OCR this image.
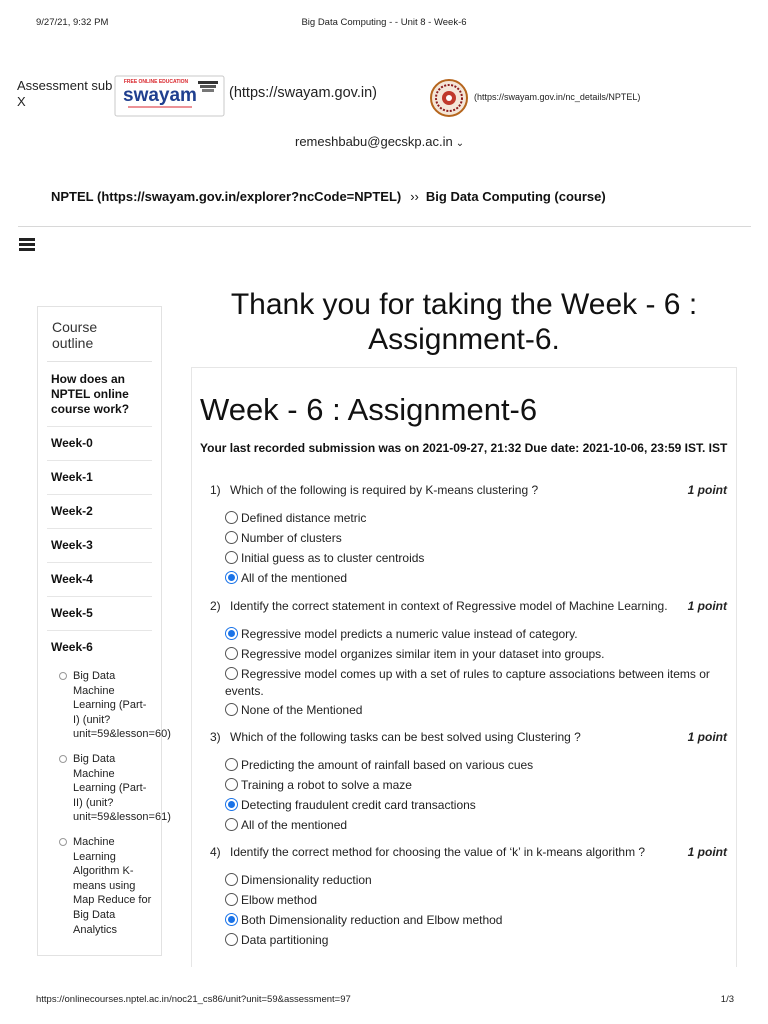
9/27/21, 9:32 PM	Big Data Computing - - Unit 8 - Week-6
Assessment sub
X
FREE ONLINE EDUCATION
swayam (https://swayam.gov.in)	(https://swayam.gov.in/nc_details/NPTEL)
remeshbabu@gecskp.ac.in ⌄
NPTEL (https://swayam.gov.in/explorer?ncCode=NPTEL) ›› Big Data Computing (course)
Course outline
How does an NPTEL online course work?
Week-0
Week-1
Week-2
Week-3
Week-4
Week-5
Week-6
Big Data Machine Learning (Part-I) (unit?unit=59&lesson=60)
Big Data Machine Learning (Part-II) (unit?unit=59&lesson=61)
Machine Learning Algorithm K-means using Map Reduce for Big Data Analytics
Thank you for taking the Week - 6 : Assignment-6.
Week - 6 : Assignment-6
Your last recorded submission was on 2021-09-27, 21:32 Due date: 2021-10-06, 23:59 IST. IST
1) Which of the following is required by K-means clustering ?	1 point
Defined distance metric
Number of clusters
Initial guess as to cluster centroids
All of the mentioned
2) Identify the correct statement in context of Regressive model of Machine Learning.	1 point
Regressive model predicts a numeric value instead of category.
Regressive model organizes similar item in your dataset into groups.
Regressive model comes up with a set of rules to capture associations between items or events.
None of the Mentioned
3) Which of the following tasks can be best solved using Clustering ?	1 point
Predicting the amount of rainfall based on various cues
Training a robot to solve a maze
Detecting fraudulent credit card transactions
All of the mentioned
4) Identify the correct method for choosing the value of ‘k’ in k-means algorithm ?	1 point
Dimensionality reduction
Elbow method
Both Dimensionality reduction and Elbow method
Data partitioning
https://onlinecourses.nptel.ac.in/noc21_cs86/unit?unit=59&assessment=97	1/3
